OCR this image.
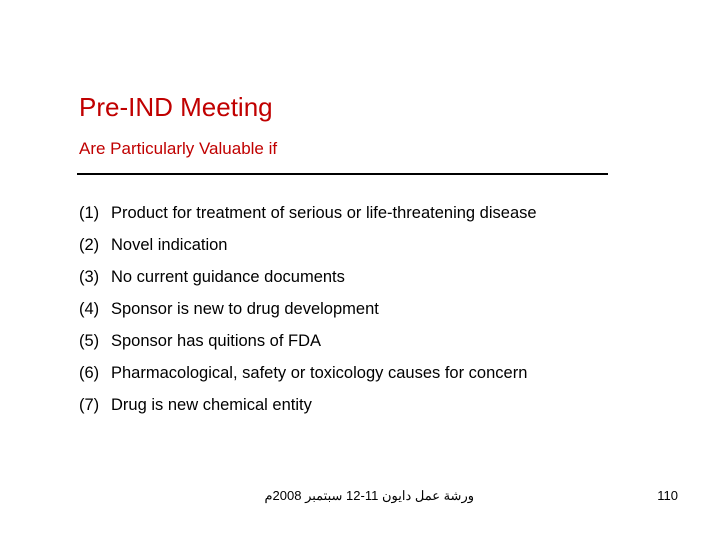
Pre-IND Meeting
Are Particularly Valuable if
(1) Product for treatment of serious or life-threatening disease
(2) Novel indication
(3) No current guidance documents
(4) Sponsor is new to drug development
(5) Sponsor has quitions of FDA
(6) Pharmacological, safety or toxicology causes for concern
(7) Drug is new chemical entity
ورشة عمل دايون 11-12 سبتمبر 2008م	110
